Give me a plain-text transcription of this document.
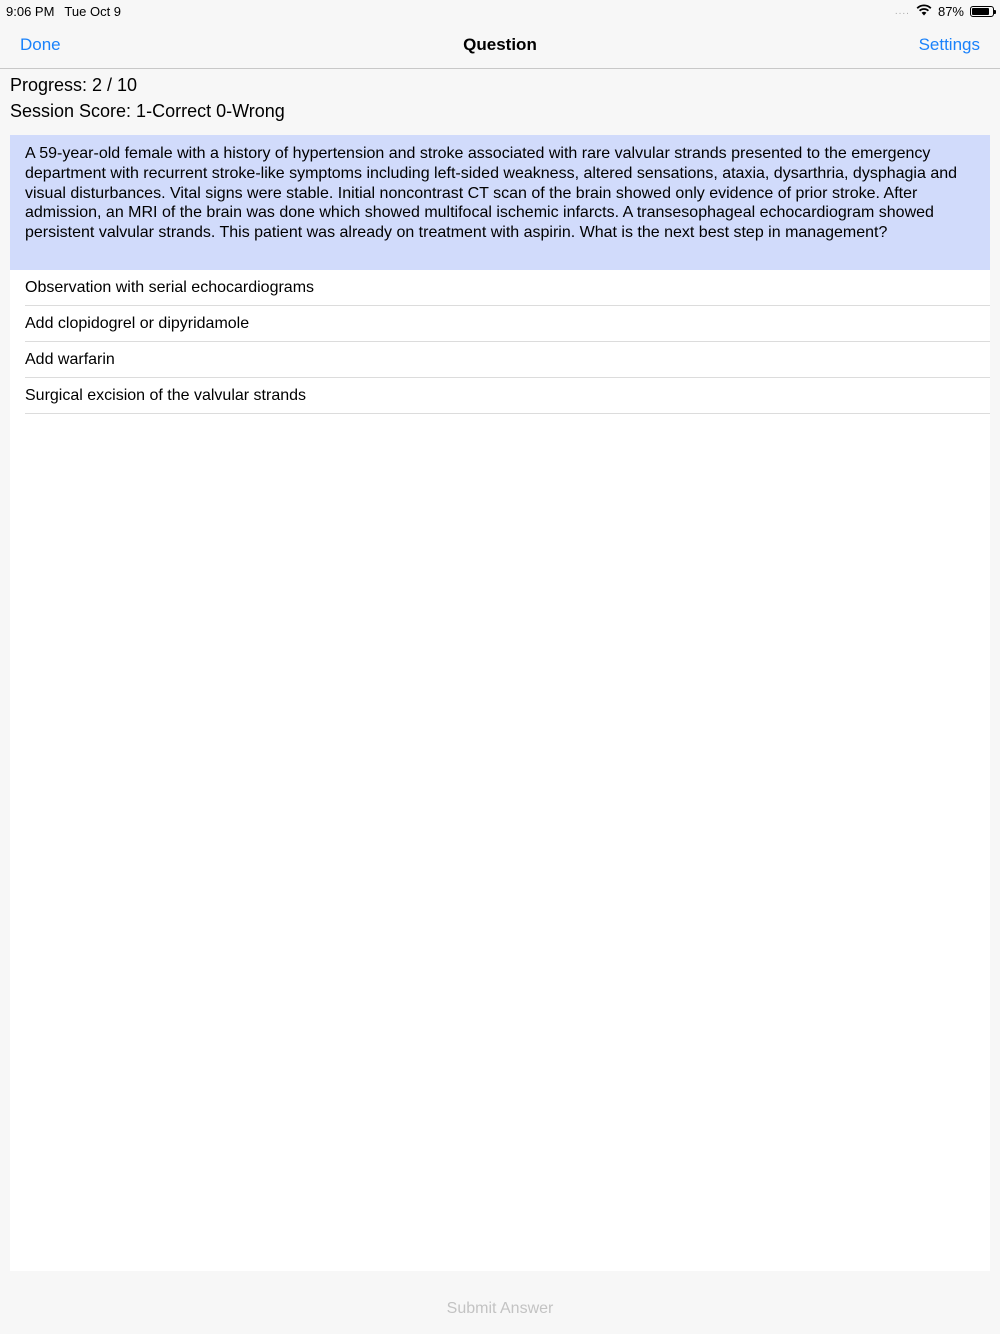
9:06 PM Tue Oct 9	.... 87%
Done	Question	Settings
Progress: 2 / 10
Session Score: 1-Correct 0-Wrong
A 59-year-old female with a history of hypertension and stroke associated with rare valvular strands presented to the emergency department with recurrent stroke-like symptoms including left-sided weakness, altered sensations, ataxia, dysarthria, dysphagia and visual disturbances. Vital signs were stable. Initial noncontrast CT scan of the brain showed only evidence of prior stroke. After admission, an MRI of the brain was done which showed multifocal ischemic infarcts. A transesophageal echocardiogram showed persistent valvular strands. This patient was already on treatment with aspirin. What is the next best step in management?
Observation with serial echocardiograms
Add clopidogrel or dipyridamole
Add warfarin
Surgical excision of the valvular strands
Submit Answer
